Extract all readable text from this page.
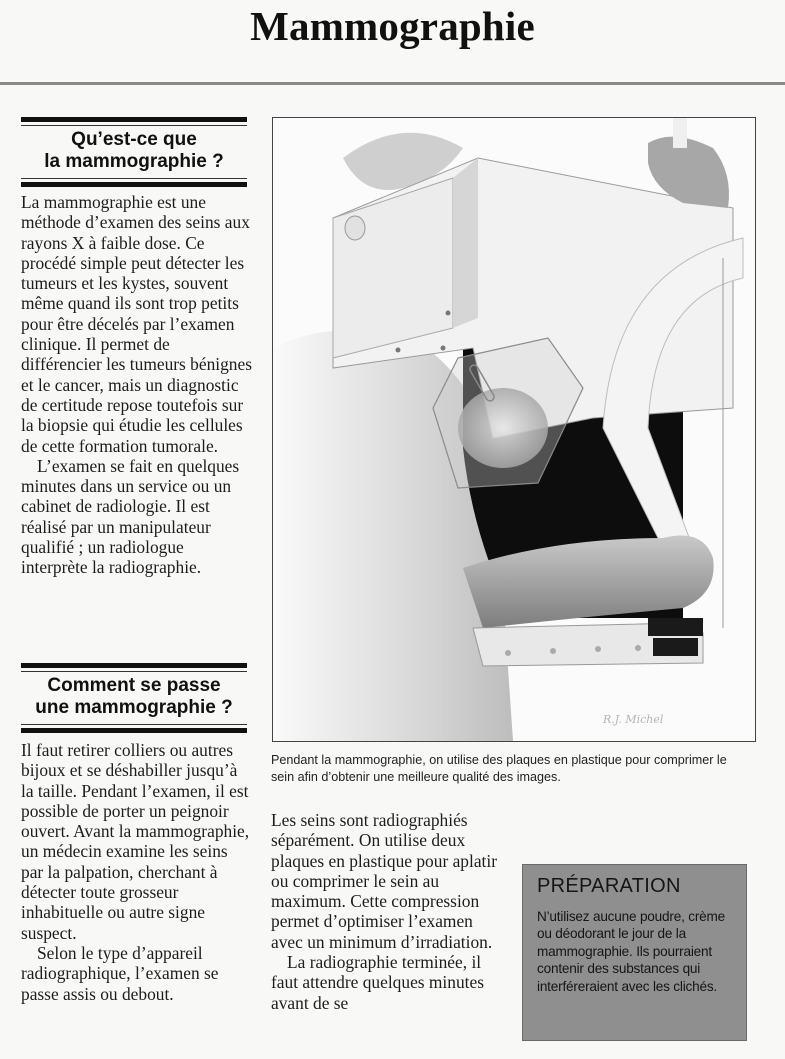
Mammographie
Qu’est-ce que
la mammographie ?

La mammographie est une méthode d’examen des seins aux rayons X à faible dose. Ce procédé simple peut détecter les tumeurs et les kystes, souvent même quand ils sont trop petits pour être décelés par l’examen clinique. Il permet de différencier les tumeurs bénignes et le cancer, mais un diagnostic de certitude repose toutefois sur la biopsie qui étudie les cellules de cette formation tumorale.

L’examen se fait en quelques minutes dans un service ou un cabinet de radiologie. Il est réalisé par un manipulateur qualifié ; un radiologue interprète la radiographie.

Comment se passe
une mammographie ?

Il faut retirer colliers ou autres bijoux et se déshabiller jusqu’à la taille. Pendant l’examen, il est possible de porter un peignoir ouvert. Avant la mammographie, un médecin examine les seins par la palpation, cherchant à détecter toute grosseur inhabituelle ou autre signe suspect.

Selon le type d’appareil radiographique, l’examen se passe assis ou debout.

R.J. Michel
Pendant la mammographie, on utilise des plaques en plastique pour comprimer le sein afin d’obtenir une meilleure qualité des images.

Les seins sont radiographiés séparément. On utilise deux plaques en plastique pour aplatir ou comprimer le sein au maximum. Cette compression permet d’optimiser l’examen avec un minimum d’irradiation.

La radiographie terminée, il faut attendre quelques minutes avant de se

PRÉPARATION

N’utilisez aucune poudre, crème ou déodorant le jour de la mammographie. Ils pourraient contenir des substances qui interféreraient avec les clichés.
